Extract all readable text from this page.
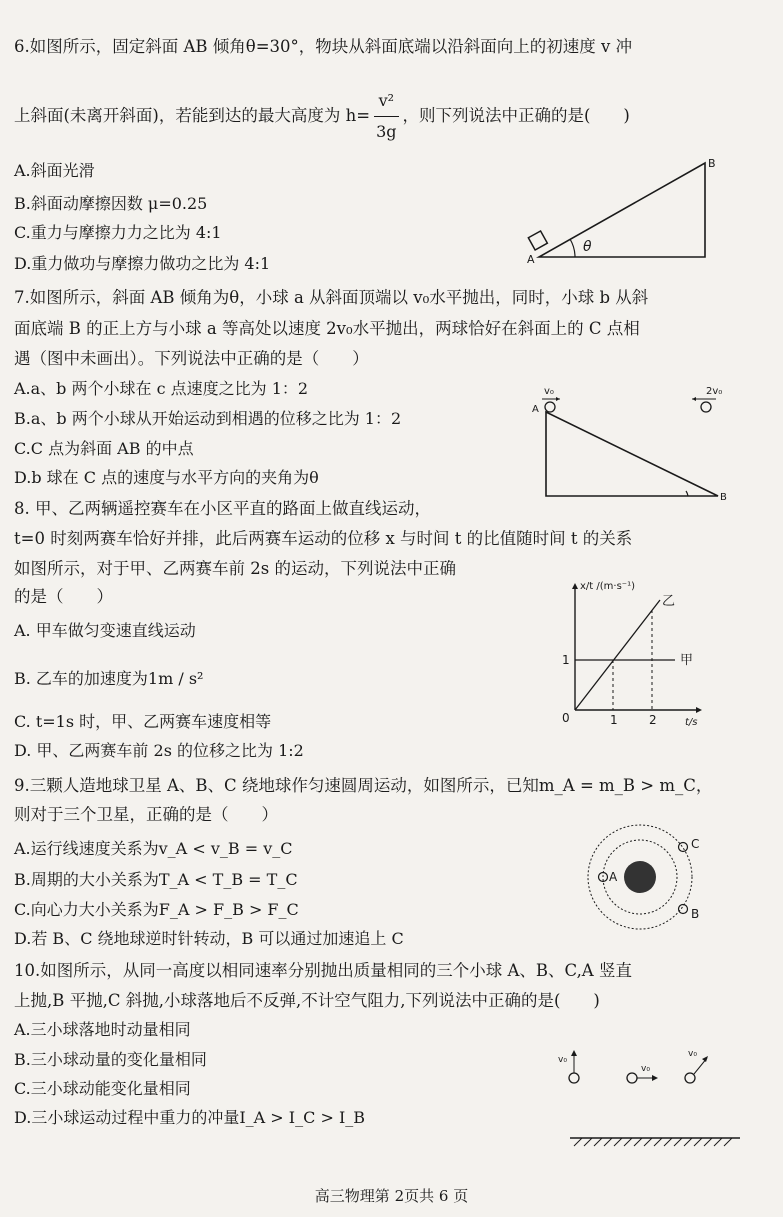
6.如图所示，固定斜面 AB 倾角θ=30°，物块从斜面底端以沿斜面向上的初速度 v 冲
上斜面(未离开斜面)，若能到达的最大高度为 $h= \frac{\text{v²}}{3g}$ ，则下列说法中正确的是(　　)
A.斜面光滑
B.斜面动摩擦因数 μ=0.25
C.重力与摩擦力力之比为 4:1
D.重力做功与摩擦力做功之比为 4:1
θ
A
B
7.如图所示，斜面 AB 倾角为θ，小球 a 从斜面顶端以 v₀水平抛出，同时，小球 b 从斜
面底端 B 的正上方与小球 a 等高处以速度 2v₀水平抛出，两球恰好在斜面上的 C 点相
遇（图中未画出）。下列说法中正确的是（　　）
A.a、b 两个小球在 c 点速度之比为 1：2
B.a、b 两个小球从开始运动到相遇的位移之比为 1：2
C.C 点为斜面 AB 的中点
D.b 球在 C 点的速度与水平方向的夹角为θ
v₀	2v₀
A
B
8. 甲、乙两辆遥控赛车在小区平直的路面上做直线运动，
t=0 时刻两赛车恰好并排，此后两赛车运动的位移 x 与时间 t 的比值随时间 t 的关系
如图所示，对于甲、乙两赛车前 2s 的运动，下列说法中正确
的是（　　）
A. 甲车做匀变速直线运动
B. 乙车的加速度为1m / s²
C. t=1s 时，甲、乙两赛车速度相等
D. 甲、乙两赛车前 2s 的位移之比为 1:2
x/t /(m·s⁻¹)
t/s
0
1
1	2
甲
乙
9.三颗人造地球卫星 A、B、C 绕地球作匀速圆周运动，如图所示，已知m_A = m_B > m_C，
则对于三个卫星，正确的是（　　）
A.运行线速度关系为v_A < v_B = v_C
B.周期的大小关系为T_A < T_B = T_C
C.向心力大小关系为F_A > F_B > F_C
D.若 B、C 绕地球逆时针转动，B 可以通过加速追上 C
A
C
B
10.如图所示，从同一高度以相同速率分别抛出质量相同的三个小球 A、B、C,A 竖直
上抛,B 平抛,C 斜抛,小球落地后不反弹,不计空气阻力,下列说法中正确的是(　　)
A.三小球落地时动量相同
B.三小球动量的变化量相同
C.三小球动能变化量相同
D.三小球运动过程中重力的冲量I_A > I_C > I_B
v₀
v₀
v₀
高三物理第 2页共 6 页
